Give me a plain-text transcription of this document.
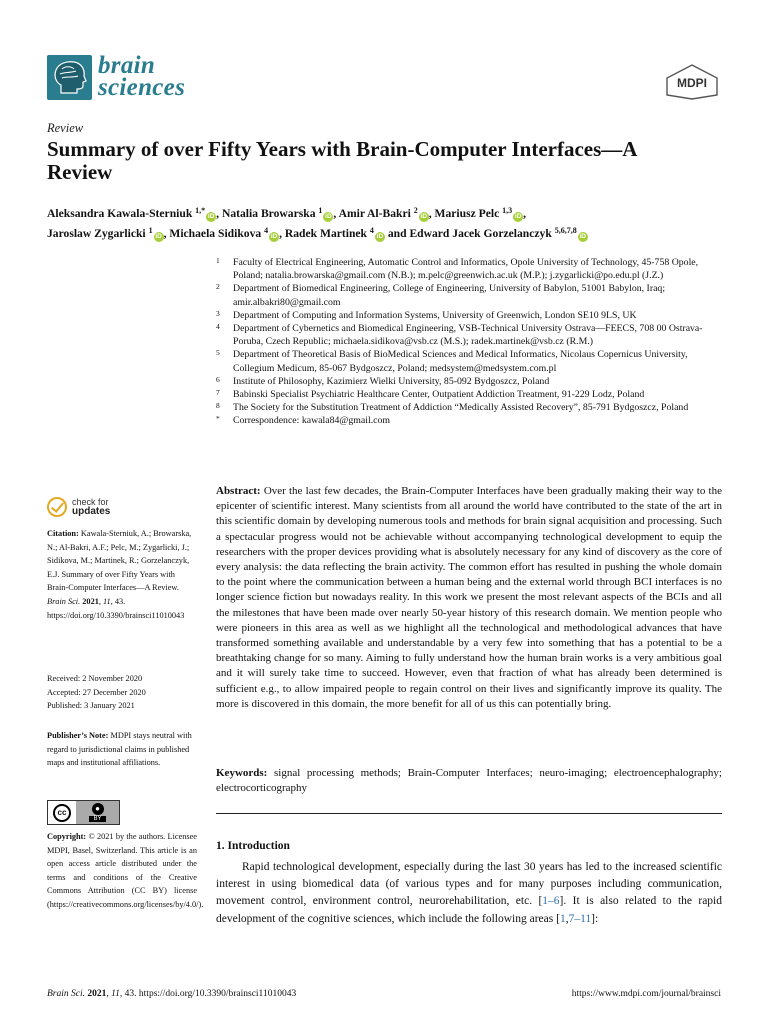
brain
sciences	MDPI
Review
Summary of over Fifty Years with Brain-Computer Interfaces—A Review
Aleksandra Kawala-Sterniuk $^{1,*}$iD , Natalia Browarska $^1$iD , Amir Al-Bakri $^2$iD , Mariusz Pelc $^{1,3}$iD ,
Jaroslaw Zygarlicki $^1$iD , Michaela Sidikova $^4$iD , Radek Martinek $^4$iD and Edward Jacek Gorzelanczyk $^{5,6,7,8}$iD
1 Faculty of Electrical Engineering, Automatic Control and Informatics, Opole University of Technology, 45-758 Opole, Poland; natalia.browarska@gmail.com (N.B.); m.pelc@greenwich.ac.uk (M.P.); j.zygarlicki@po.edu.pl (J.Z.)
2 Department of Biomedical Engineering, College of Engineering, University of Babylon, 51001 Babylon, Iraq; amir.albakri80@gmail.com
3 Department of Computing and Information Systems, University of Greenwich, London SE10 9LS, UK
4 Department of Cybernetics and Biomedical Engineering, VSB-Technical University Ostrava—FEECS, 708 00 Ostrava-Poruba, Czech Republic; michaela.sidikova@vsb.cz (M.S.); radek.martinek@vsb.cz (R.M.)
5 Department of Theoretical Basis of BioMedical Sciences and Medical Informatics, Nicolaus Copernicus University, Collegium Medicum, 85-067 Bydgoszcz, Poland; medsystem@medsystem.com.pl
6 Institute of Philosophy, Kazimierz Wielki University, 85-092 Bydgoszcz, Poland
7 Babinski Specialist Psychiatric Healthcare Center, Outpatient Addiction Treatment, 91-229 Lodz, Poland
8 The Society for the Substitution Treatment of Addiction “Medically Assisted Recovery”, 85-791 Bydgoszcz, Poland
* Correspondence: kawala84@gmail.com
check for
updates
Citation: Kawala-Sterniuk, A.; Browarska, N.; Al-Bakri, A.F.; Pelc, M.; Zygarlicki, J.; Sidikova, M.; Martinek, R.; Gorzelanczyk, E.J. Summary of over Fifty Years with Brain-Computer Interfaces—A Review. Brain Sci. 2021, 11, 43. https://doi.org/10.3390/brainsci11010043
Received: 2 November 2020
Accepted: 27 December 2020
Published: 3 January 2021
Publisher’s Note: MDPI stays neutral with regard to jurisdictional claims in published maps and institutional affiliations.
cc	●
BY
Copyright: © 2021 by the authors. Licensee MDPI, Basel, Switzerland. This article is an open access article distributed under the terms and conditions of the Creative Commons Attribution (CC BY) license (https://creativecommons.org/licenses/by/4.0/).
Abstract: Over the last few decades, the Brain-Computer Interfaces have been gradually making their way to the epicenter of scientific interest. Many scientists from all around the world have contributed to the state of the art in this scientific domain by developing numerous tools and methods for brain signal acquisition and processing. Such a spectacular progress would not be achievable without accompanying technological development to equip the researchers with the proper devices providing what is absolutely necessary for any kind of discovery as the core of every analysis: the data reflecting the brain activity. The common effort has resulted in pushing the whole domain to the point where the communication between a human being and the external world through BCI interfaces is no longer science fiction but nowadays reality. In this work we present the most relevant aspects of the BCIs and all the milestones that have been made over nearly 50-year history of this research domain. We mention people who were pioneers in this area as well as we highlight all the technological and methodological advances that have transformed something available and understandable by a very few into something that has a potential to be a breathtaking change for so many. Aiming to fully understand how the human brain works is a very ambitious goal and it will surely take time to succeed. However, even that fraction of what has already been determined is sufficient e.g., to allow impaired people to regain control on their lives and significantly improve its quality. The more is discovered in this domain, the more benefit for all of us this can potentially bring.
Keywords: signal processing methods; Brain-Computer Interfaces; neuro-imaging; electroencephalography; electrocorticography
1. Introduction
Rapid technological development, especially during the last 30 years has led to the increased scientific interest in using biomedical data (of various types and for many purposes including communication, movement control, environment control, neurorehabilitation, etc. [1–6]. It is also related to the rapid development of the cognitive sciences, which include the following areas [1,7–11]:
Brain Sci. 2021, 11, 43. https://doi.org/10.3390/brainsci11010043	https://www.mdpi.com/journal/brainsci
